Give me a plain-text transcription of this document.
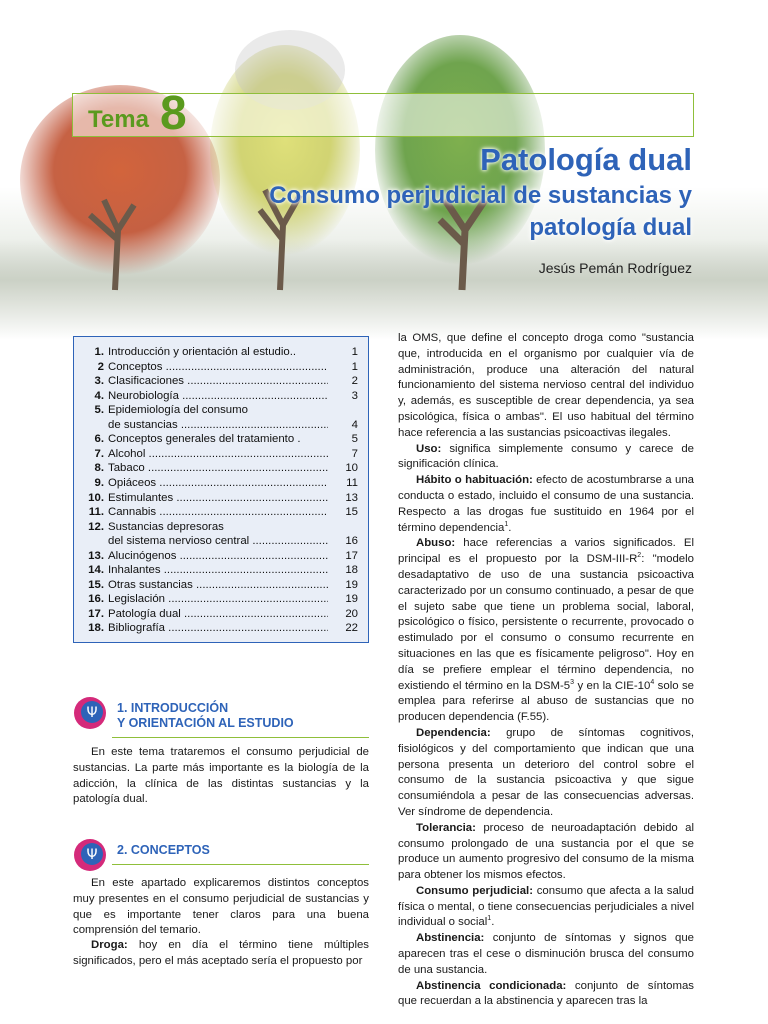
Tema 8
Patología dual
Consumo perjudicial de sustancias y patología dual
Jesús Pemán Rodríguez
1. Introducción y orientación al estudio..	1
2 Conceptos .....	1
3. Clasificaciones .....	2
4. Neurobiología .....	3
5. Epidemiología del consumo
de sustancias .....	4
6. Conceptos generales del tratamiento .	5
7. Alcohol .....	7
8. Tabaco .....	10
9. Opiáceos .....	11
10. Estimulantes .....	13
11. Cannabis .....	15
12. Sustancias depresoras
del sistema nervioso central .....	16
13. Alucinógenos .....	17
14. Inhalantes .....	18
15. Otras sustancias .....	19
16. Legislación .....	19
17. Patología dual .....	20
18. Bibliografía .....	22
Ψ 1. INTRODUCCIÓN
Y ORIENTACIÓN AL ESTUDIO
En este tema trataremos el consumo perjudicial de sustancias. La parte más importante es la biología de la adicción, la clínica de las distintas sustancias y la patología dual.
Ψ 2. CONCEPTOS
En este apartado explicaremos distintos conceptos muy presentes en el consumo perjudicial de sustancias y que es importante tener claros para una buena comprensión del temario.
Droga: hoy en día el término tiene múltiples significados, pero el más aceptado sería el propuesto por
la OMS, que define el concepto droga como "sustancia que, introducida en el organismo por cualquier vía de administración, produce una alteración del natural funcionamiento del sistema nervioso central del individuo y, además, es susceptible de crear dependencia, ya sea psicológica, física o ambas". El uso habitual del término hace referencia a las sustancias psicoactivas ilegales.
Uso: significa simplemente consumo y carece de significación clínica.
Hábito o habituación: efecto de acostumbrarse a una conducta o estado, incluido el consumo de una sustancia. Respecto a las drogas fue sustituido en 1964 por el término dependencia$^1$.
Abuso: hace referencias a varios significados. El principal es el propuesto por la DSM-$III-R^2$: "modelo desadaptativo de uso de una sustancia psicoactiva caracterizado por un consumo continuado, a pesar de que el sujeto sabe que tiene un problema social, laboral, psicológico o físico, persistente o recurrente, provocado o estimulado por el consumo o consumo recurrente en situaciones en las que es físicamente peligroso". Hoy en día se prefiere emplear el término dependencia, no existiendo el término en la DSM-$5^3$ y en la CIE-$10^4$ solo se emplea para referirse al abuso de sustancias que no producen dependencia (F.55).
Dependencia: grupo de síntomas cognitivos, fisiológicos y del comportamiento que indican que una persona presenta un deterioro del control sobre el consumo de la sustancia psicoactiva y que sigue consumiéndola a pesar de las consecuencias adversas. Ver síndrome de dependencia.
Tolerancia: proceso de neuroadaptación debido al consumo prolongado de una sustancia por el que se produce un aumento progresivo del consumo de la misma para obtener los mismos efectos.
Consumo perjudicial: consumo que afecta a la salud física o mental, o tiene consecuencias perjudiciales a nivel individual o social$^1$.
Abstinencia: conjunto de síntomas y signos que aparecen tras el cese o disminución brusca del consumo de una sustancia.
Abstinencia condicionada: conjunto de síntomas que recuerdan a la abstinencia y aparecen tras la
